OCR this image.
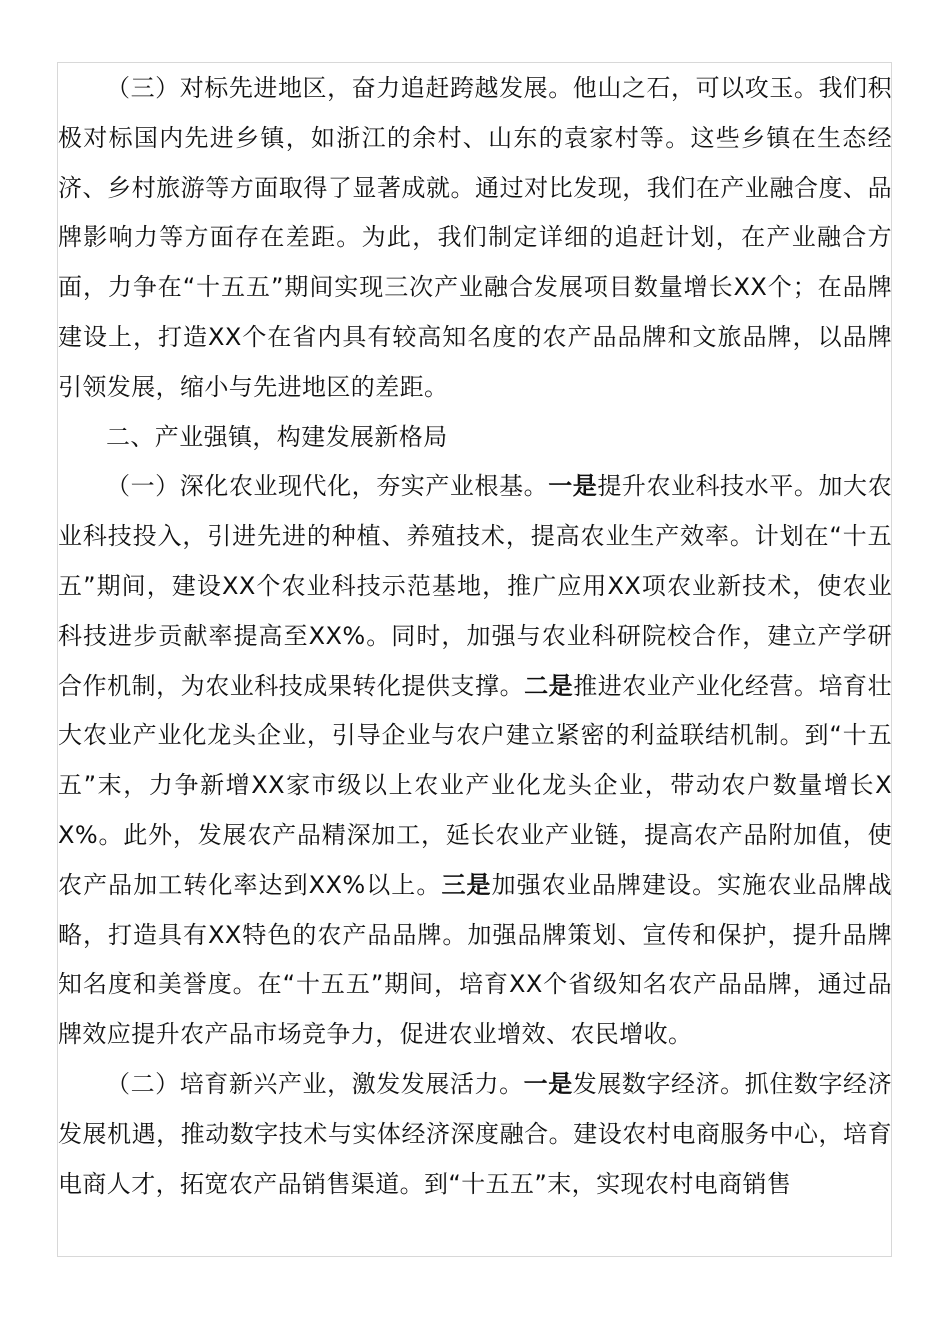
（三）对标先进地区，奋力追赶跨越发展。他山之石，可以攻玉。我们积极对标国内先进乡镇，如浙江的余村、山东的袁家村等。这些乡镇在生态经济、乡村旅游等方面取得了显著成就。通过对比发现，我们在产业融合度、品牌影响力等方面存在差距。为此，我们制定详细的追赶计划，在产业融合方面，力争在“十五五”期间实现三次产业融合发展项目数量增长XX个；在品牌建设上，打造XX个在省内具有较高知名度的农产品品牌和文旅品牌，以品牌引领发展，缩小与先进地区的差距。

二、产业强镇，构建发展新格局

（一）深化农业现代化，夯实产业根基。一是提升农业科技水平。加大农业科技投入，引进先进的种植、养殖技术，提高农业生产效率。计划在“十五五”期间，建设XX个农业科技示范基地，推广应用XX项农业新技术，使农业科技进步贡献率提高至XX%。同时，加强与农业科研院校合作，建立产学研合作机制，为农业科技成果转化提供支撑。二是推进农业产业化经营。培育壮大农业产业化龙头企业，引导企业与农户建立紧密的利益联结机制。到“十五五”末，力争新增XX家市级以上农业产业化龙头企业，带动农户数量增长XX%。此外，发展农产品精深加工，延长农业产业链，提高农产品附加值，使农产品加工转化率达到XX%以上。三是加强农业品牌建设。实施农业品牌战略，打造具有XX特色的农产品品牌。加强品牌策划、宣传和保护，提升品牌知名度和美誉度。在“十五五”期间，培育XX个省级知名农产品品牌，通过品牌效应提升农产品市场竞争力，促进农业增效、农民增收。

（二）培育新兴产业，激发发展活力。一是发展数字经济。抓住数字经济发展机遇，推动数字技术与实体经济深度融合。建设农村电商服务中心，培育电商人才，拓宽农产品销售渠道。到“十五五”末，实现农村电商销售
